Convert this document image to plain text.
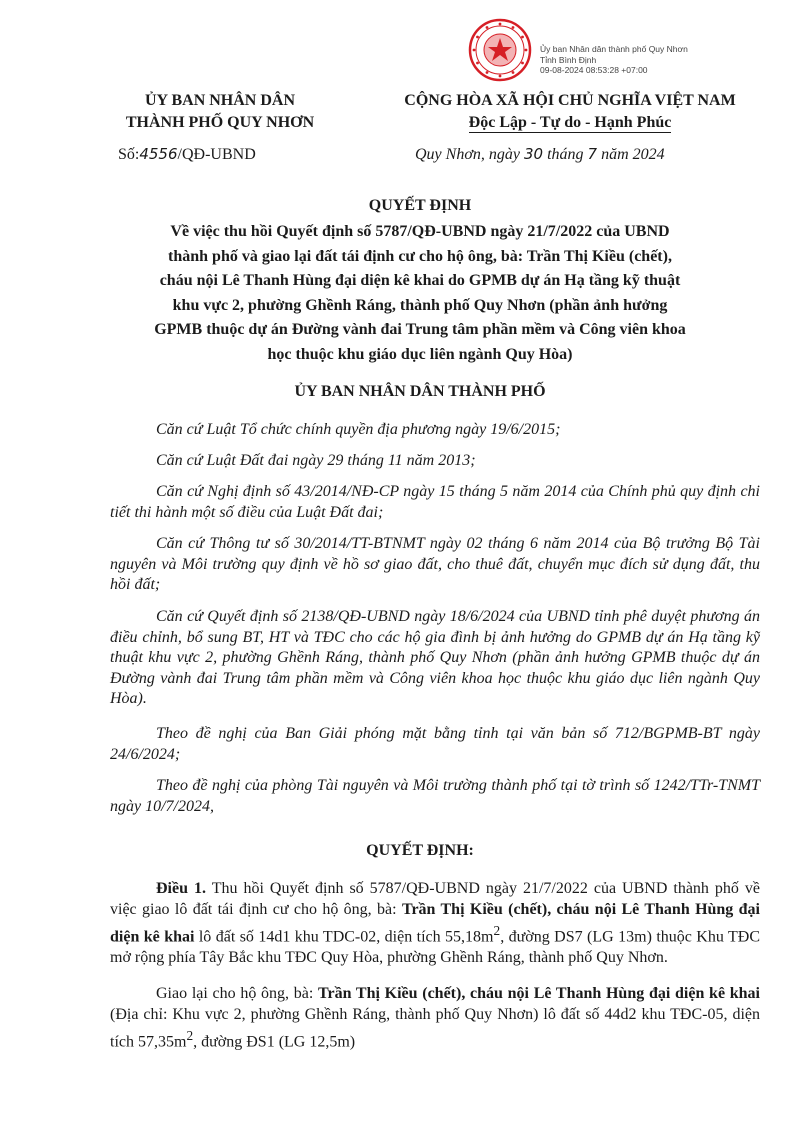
Ủy ban Nhân dân thành phố Quy Nhơn
Tỉnh Bình Định
09-08-2024 08:53:28 +07:00
ỦY BAN NHÂN DÂN
THÀNH PHỐ QUY NHƠN
CỘNG HÒA XÃ HỘI CHỦ NGHĨA VIỆT NAM
Độc Lập - Tự do - Hạnh Phúc
Số:4556/QĐ-UBND	Quy Nhơn, ngày 30 tháng 7 năm 2024
QUYẾT ĐỊNH
Về việc thu hồi Quyết định số 5787/QĐ-UBND ngày 21/7/2022 của UBND
thành phố và giao lại đất tái định cư cho hộ ông, bà: Trần Thị Kiều (chết),
cháu nội Lê Thanh Hùng đại diện kê khai do GPMB dự án Hạ tầng kỹ thuật
khu vực 2, phường Ghềnh Ráng, thành phố Quy Nhơn (phần ảnh hưởng
GPMB thuộc dự án Đường vành đai Trung tâm phần mềm và Công viên khoa
học thuộc khu giáo dục liên ngành Quy Hòa)
ỦY BAN NHÂN DÂN THÀNH PHỐ
Căn cứ Luật Tổ chức chính quyền địa phương ngày 19/6/2015;
Căn cứ Luật Đất đai ngày 29 tháng 11 năm 2013;
Căn cứ Nghị định số 43/2014/NĐ-CP ngày 15 tháng 5 năm 2014 của Chính phủ quy định chi tiết thi hành một số điều của Luật Đất đai;
Căn cứ Thông tư số 30/2014/TT-BTNMT ngày 02 tháng 6 năm 2014 của Bộ trưởng Bộ Tài nguyên và Môi trường quy định về hồ sơ giao đất, cho thuê đất, chuyển mục đích sử dụng đất, thu hồi đất;
Căn cứ Quyết định số 2138/QĐ-UBND ngày 18/6/2024 của UBND tỉnh phê duyệt phương án điều chỉnh, bổ sung BT, HT và TĐC cho các hộ gia đình bị ảnh hưởng do GPMB dự án Hạ tầng kỹ thuật khu vực 2, phường Ghềnh Ráng, thành phố Quy Nhơn (phần ảnh hưởng GPMB thuộc dự án Đường vành đai Trung tâm phần mềm và Công viên khoa học thuộc khu giáo dục liên ngành Quy Hòa).
Theo đề nghị của Ban Giải phóng mặt bằng tỉnh tại văn bản số 712/BGPMB-BT ngày 24/6/2024;
Theo đề nghị của phòng Tài nguyên và Môi trường thành phố tại tờ trình số 1242/TTr-TNMT ngày 10/7/2024,
QUYẾT ĐỊNH:
Điều 1. Thu hồi Quyết định số 5787/QĐ-UBND ngày 21/7/2022 của UBND thành phố về việc giao lô đất tái định cư cho hộ ông, bà: Trần Thị Kiều (chết), cháu nội Lê Thanh Hùng đại diện kê khai lô đất số 14d1 khu TDC-02, diện tích $55,18m^2$, đường DS7 (LG 13m) thuộc Khu TĐC mở rộng phía Tây Bắc khu TĐC Quy Hòa, phường Ghềnh Ráng, thành phố Quy Nhơn.
Giao lại cho hộ ông, bà: Trần Thị Kiều (chết), cháu nội Lê Thanh Hùng đại diện kê khai (Địa chỉ: Khu vực 2, phường Ghềnh Ráng, thành phố Quy Nhơn) lô đất số 44d2 khu TĐC-05, diện tích $57,35m^2$, đường ĐS1 (LG 12,5m)
